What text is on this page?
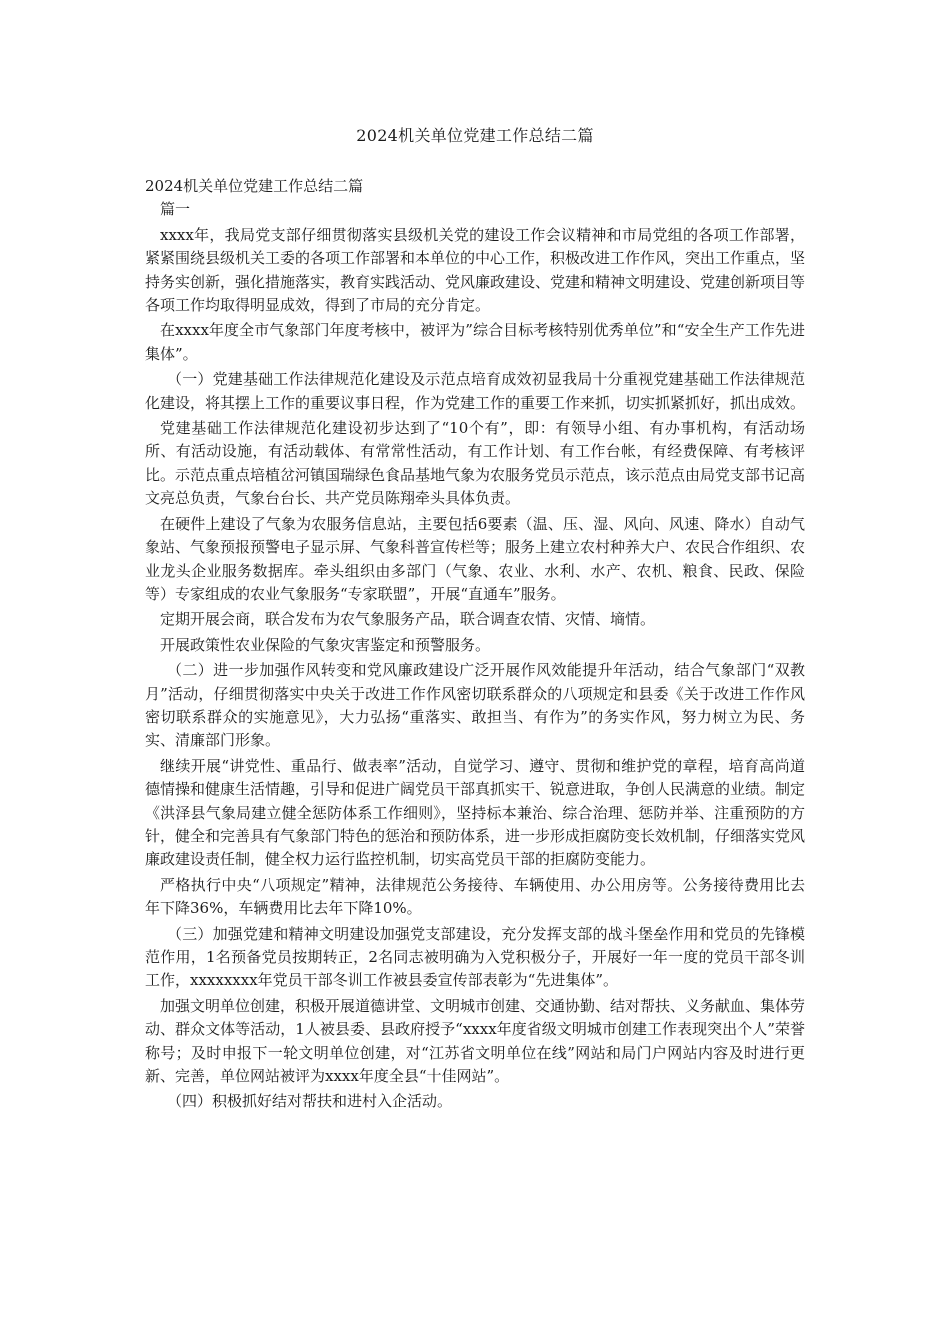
2024机关单位党建工作总结二篇

2024机关单位党建工作总结二篇

篇一

xxxx年，我局党支部仔细贯彻落实县级机关党的建设工作会议精神和市局党组的各项工作部署，紧紧围绕县级机关工委的各项工作部署和本单位的中心工作，积极改进工作作风，突出工作重点，坚持务实创新，强化措施落实，教育实践活动、党风廉政建设、党建和精神文明建设、党建创新项目等各项工作均取得明显成效，得到了市局的充分肯定。

在xxxx年度全市气象部门年度考核中，被评为”综合目标考核特别优秀单位”和“安全生产工作先进集体”。

（一）党建基础工作法律规范化建设及示范点培育成效初显我局十分重视党建基础工作法律规范化建设，将其摆上工作的重要议事日程，作为党建工作的重要工作来抓，切实抓紧抓好，抓出成效。

党建基础工作法律规范化建设初步达到了“10个有”，即：有领导小组、有办事机构，有活动场所、有活动设施，有活动载体、有常常性活动，有工作计划、有工作台帐，有经费保障、有考核评比。示范点重点培植岔河镇国瑞绿色食品基地气象为农服务党员示范点，该示范点由局党支部书记高文亮总负责，气象台台长、共产党员陈翔牵头具体负责。

在硬件上建设了气象为农服务信息站，主要包括6要素（温、压、湿、风向、风速、降水）自动气象站、气象预报预警电子显示屏、气象科普宣传栏等；服务上建立农村种养大户、农民合作组织、农业龙头企业服务数据库。牵头组织由多部门（气象、农业、水利、水产、农机、粮食、民政、保险等）专家组成的农业气象服务“专家联盟”，开展“直通车”服务。

定期开展会商，联合发布为农气象服务产品，联合调查农情、灾情、墒情。

开展政策性农业保险的气象灾害鉴定和预警服务。

（二）进一步加强作风转变和党风廉政建设广泛开展作风效能提升年活动，结合气象部门“双教月”活动，仔细贯彻落实中央关于改进工作作风密切联系群众的八项规定和县委《关于改进工作作风密切联系群众的实施意见》，大力弘扬“重落实、敢担当、有作为”的务实作风，努力树立为民、务实、清廉部门形象。

继续开展“讲党性、重品行、做表率”活动，自觉学习、遵守、贯彻和维护党的章程，培育高尚道德情操和健康生活情趣，引导和促进广阔党员干部真抓实干、锐意进取，争创人民满意的业绩。制定《洪泽县气象局建立健全惩防体系工作细则》，坚持标本兼治、综合治理、惩防并举、注重预防的方针，健全和完善具有气象部门特色的惩治和预防体系，进一步形成拒腐防变长效机制，仔细落实党风廉政建设责任制，健全权力运行监控机制，切实高党员干部的拒腐防变能力。

严格执行中央“八项规定”精神，法律规范公务接待、车辆使用、办公用房等。公务接待费用比去年下降36%，车辆费用比去年下降10%。

（三）加强党建和精神文明建设加强党支部建设，充分发挥支部的战斗堡垒作用和党员的先锋模范作用，1名预备党员按期转正，2名同志被明确为入党积极分子，开展好一年一度的党员干部冬训工作，xxxxxxxx年党员干部冬训工作被县委宣传部表彰为“先进集体”。

加强文明单位创建，积极开展道德讲堂、文明城市创建、交通协勤、结对帮扶、义务献血、集体劳动、群众文体等活动，1人被县委、县政府授予“xxxx年度省级文明城市创建工作表现突出个人”荣誉称号；及时申报下一轮文明单位创建，对“江苏省文明单位在线”网站和局门户网站内容及时进行更新、完善，单位网站被评为xxxx年度全县“十佳网站”。

（四）积极抓好结对帮扶和进村入企活动。
